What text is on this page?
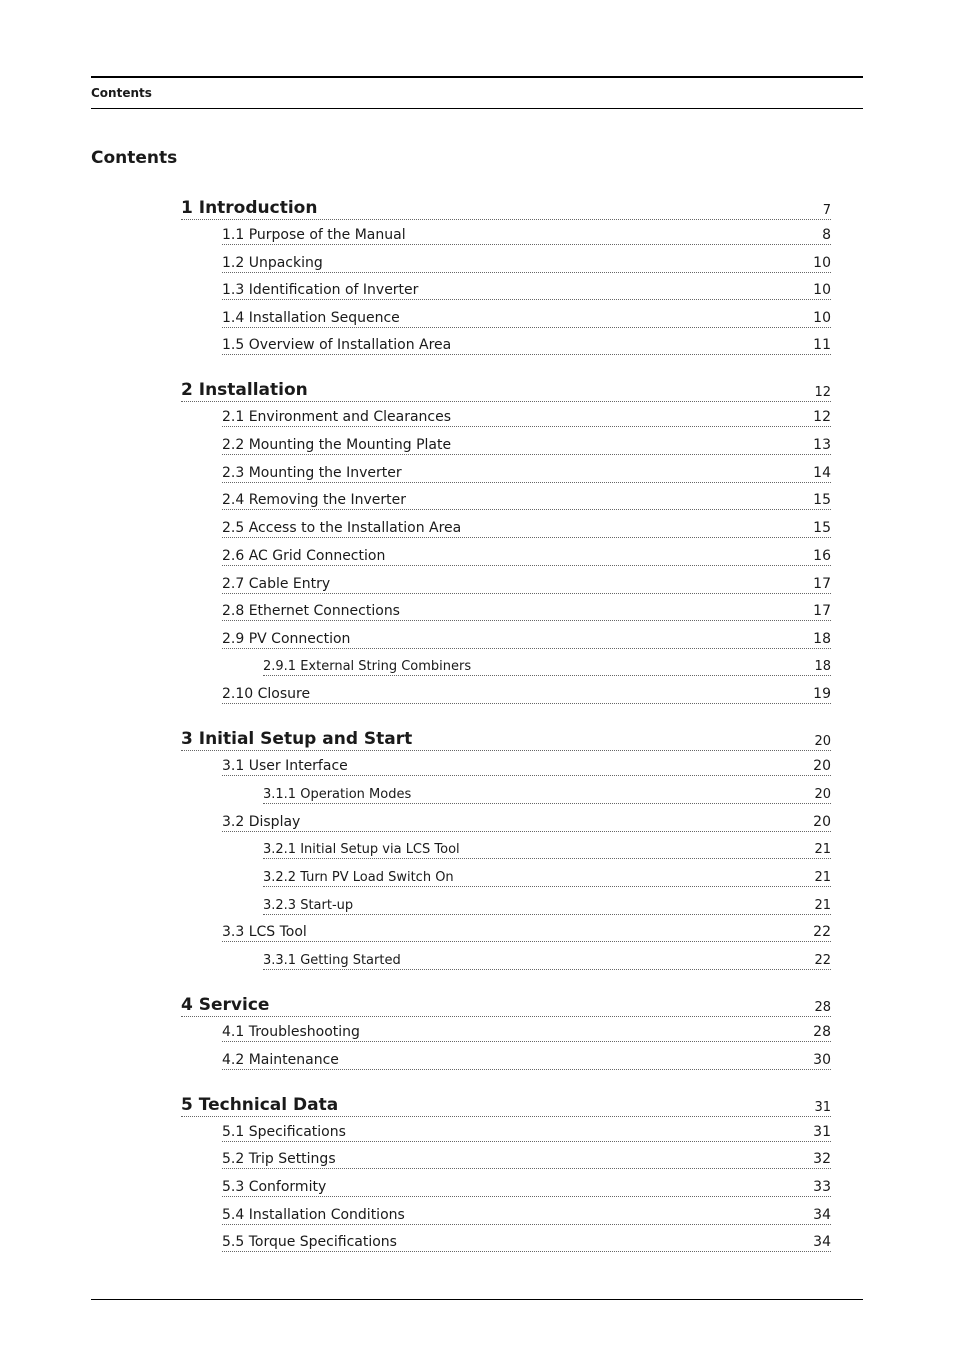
Contents
Contents
1 Introduction	7
1.1 Purpose of the Manual	8
1.2 Unpacking	10
1.3 Identification of Inverter	10
1.4 Installation Sequence	10
1.5 Overview of Installation Area	11
2 Installation	12
2.1 Environment and Clearances	12
2.2 Mounting the Mounting Plate	13
2.3 Mounting the Inverter	14
2.4 Removing the Inverter	15
2.5 Access to the Installation Area	15
2.6 AC Grid Connection	16
2.7 Cable Entry	17
2.8 Ethernet Connections	17
2.9 PV Connection	18
2.9.1 External String Combiners	18
2.10 Closure	19
3 Initial Setup and Start	20
3.1 User Interface	20
3.1.1 Operation Modes	20
3.2 Display	20
3.2.1 Initial Setup via LCS Tool	21
3.2.2 Turn PV Load Switch On	21
3.2.3 Start-up	21
3.3 LCS Tool	22
3.3.1 Getting Started	22
4 Service	28
4.1 Troubleshooting	28
4.2 Maintenance	30
5 Technical Data	31
5.1 Specifications	31
5.2 Trip Settings	32
5.3 Conformity	33
5.4 Installation Conditions	34
5.5 Torque Specifications	34
